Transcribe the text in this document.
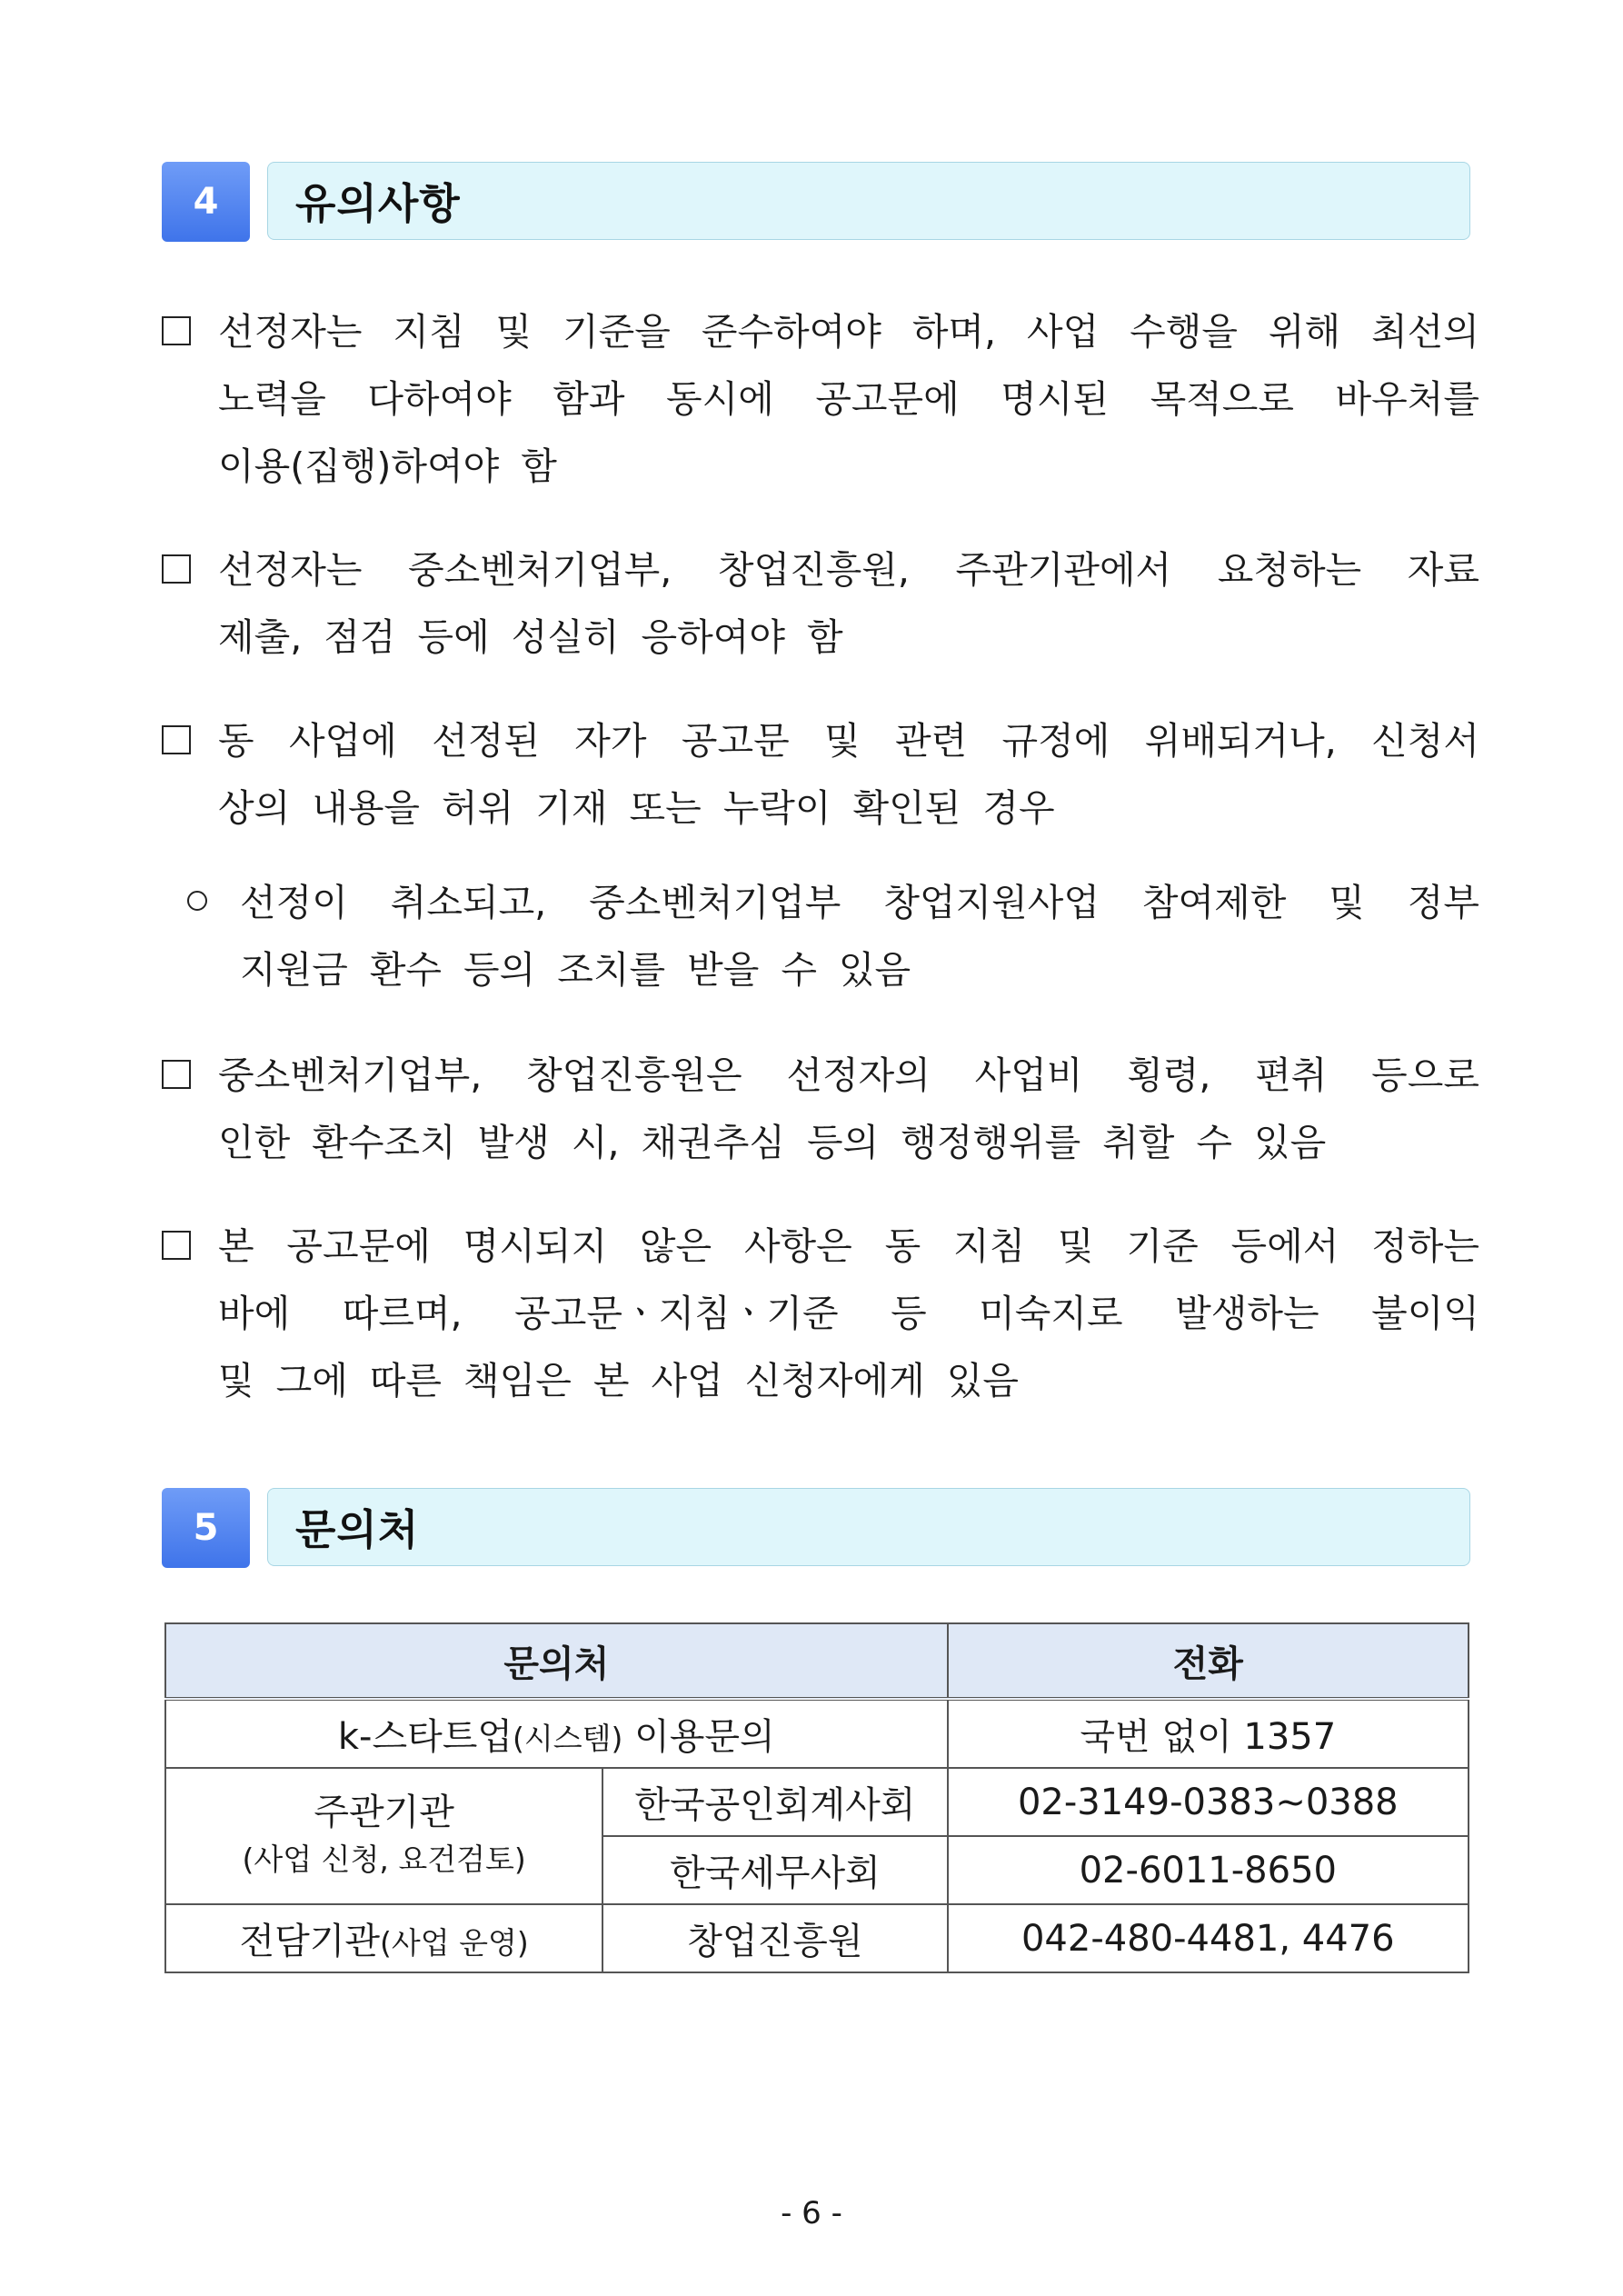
4	유의사항
선정자는 지침 및 기준을 준수하여야 하며, 사업 수행을 위해 최선의
노력을 다하여야 함과 동시에 공고문에 명시된 목적으로 바우처를
이용(집행)하여야 함
선정자는 중소벤처기업부, 창업진흥원, 주관기관에서 요청하는 자료
제출, 점검 등에 성실히 응하여야 함
동 사업에 선정된 자가 공고문 및 관련 규정에 위배되거나, 신청서
상의 내용을 허위 기재 또는 누락이 확인된 경우
선정이 취소되고, 중소벤처기업부 창업지원사업 참여제한 및 정부
지원금 환수 등의 조치를 받을 수 있음
중소벤처기업부, 창업진흥원은 선정자의 사업비 횡령, 편취 등으로
인한 환수조치 발생 시, 채권추심 등의 행정행위를 취할 수 있음
본 공고문에 명시되지 않은 사항은 동 지침 및 기준 등에서 정하는
바에 따르며, 공고문ㆍ지침ㆍ기준 등 미숙지로 발생하는 불이익
및 그에 따른 책임은 본 사업 신청자에게 있음
5	문의처
문의처		전화
k-스타트업(시스템) 이용문의		국번 없이 1357

주관기관
(사업 신청, 요건검토)	한국공인회계사회	02-3149-0383~0388
	한국세무사회	02-6011-8650
전담기관(사업 운영)	창업진흥원	042-480-4481, 4476
- 6 -
